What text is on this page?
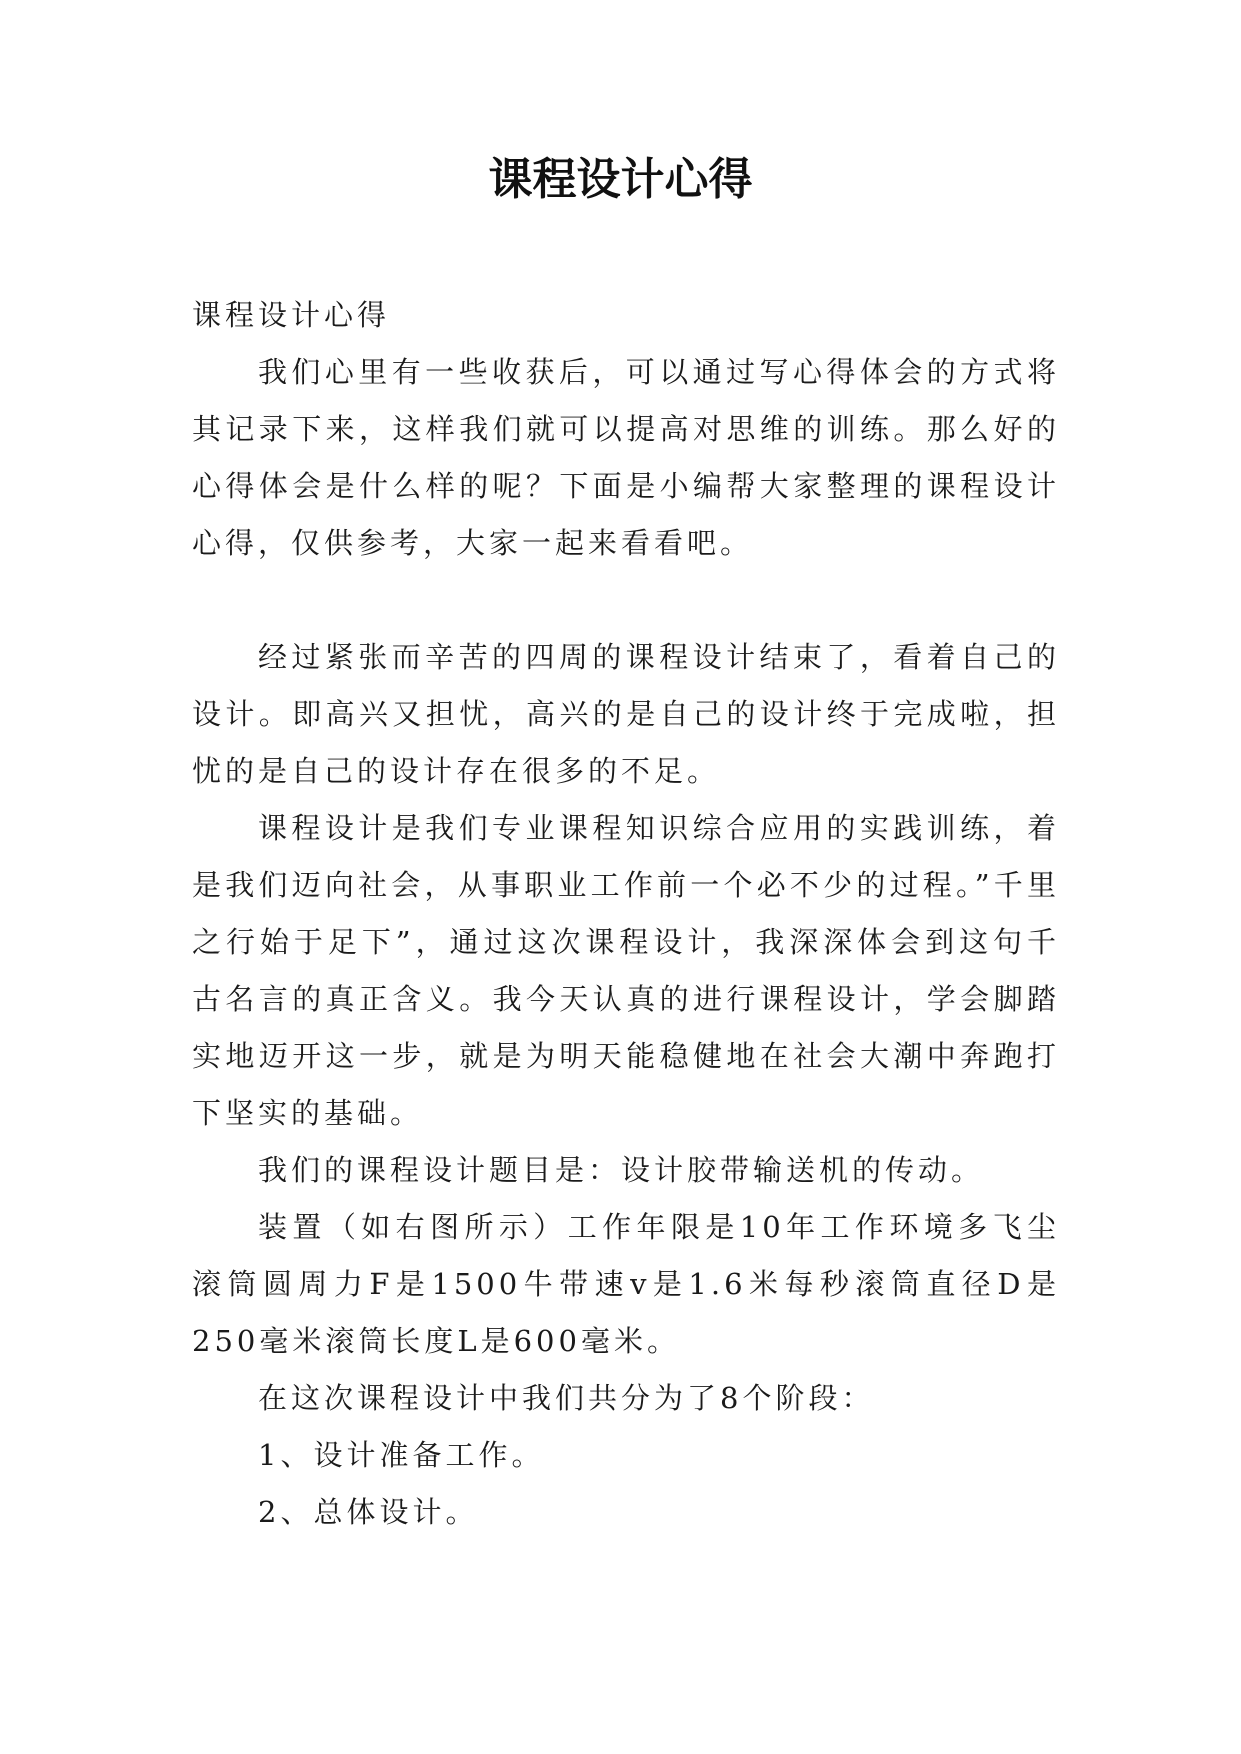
课程设计心得

课程设计心得

我们心里有一些收获后，可以通过写心得体会的方式将其记录下来，这样我们就可以提高对思维的训练。那么好的心得体会是什么样的呢？下面是小编帮大家整理的课程设计心得，仅供参考，大家一起来看看吧。

经过紧张而辛苦的四周的课程设计结束了，看着自己的设计。即高兴又担忧，高兴的是自己的设计终于完成啦，担忧的是自己的设计存在很多的不足。

课程设计是我们专业课程知识综合应用的实践训练，着是我们迈向社会，从事职业工作前一个必不少的过程。”千里之行始于足下”，通过这次课程设计，我深深体会到这句千古名言的真正含义。我今天认真的进行课程设计，学会脚踏实地迈开这一步，就是为明天能稳健地在社会大潮中奔跑打下坚实的基础。

我们的课程设计题目是：设计胶带输送机的传动。

装置（如右图所示）工作年限是10年工作环境多飞尘滚筒圆周力F是1500牛带速v是1.6米每秒滚筒直径D是250毫米滚筒长度L是600毫米。

在这次课程设计中我们共分为了8个阶段：

1、设计准备工作。

2、总体设计。
